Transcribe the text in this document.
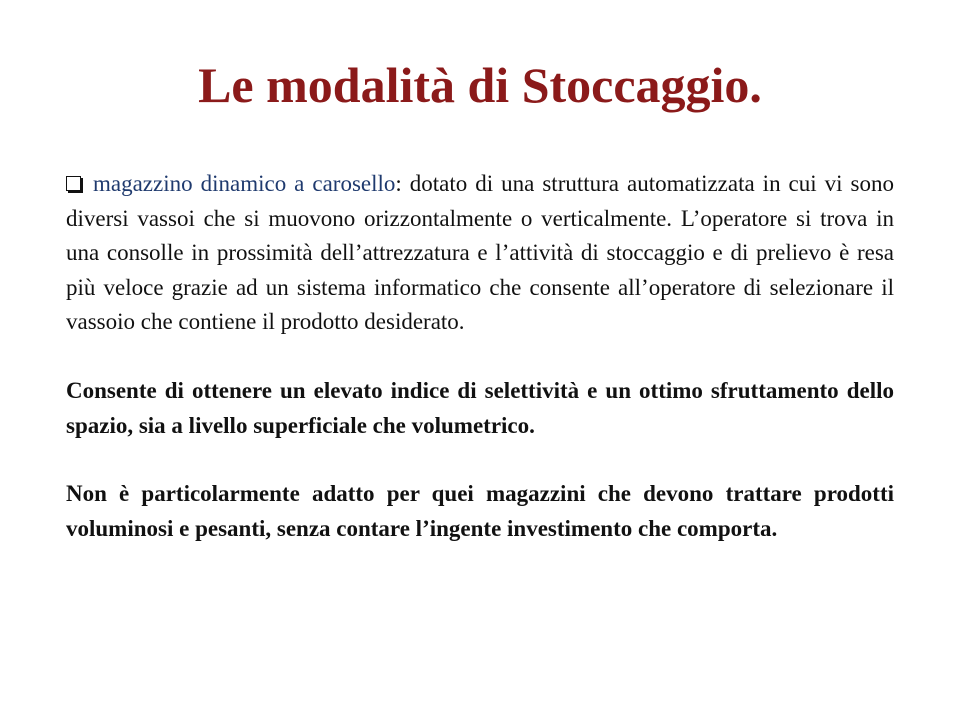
Le modalità di Stoccaggio.

magazzino dinamico a carosello: dotato di una struttura automatizzata in cui vi sono diversi vassoi che si muovono orizzontalmente o verticalmente. L’operatore si trova in una consolle in prossimità dell’attrezzatura e l’attività di stoccaggio e di prelievo è resa più veloce grazie ad un sistema informatico che consente all’operatore di selezionare il vassoio che contiene il prodotto desiderato.

Consente di ottenere un elevato indice di selettività e un ottimo sfruttamento dello spazio, sia a livello superficiale che volumetrico.

Non è particolarmente adatto per quei magazzini che devono trattare prodotti voluminosi e pesanti, senza contare l’ingente investimento che comporta.
